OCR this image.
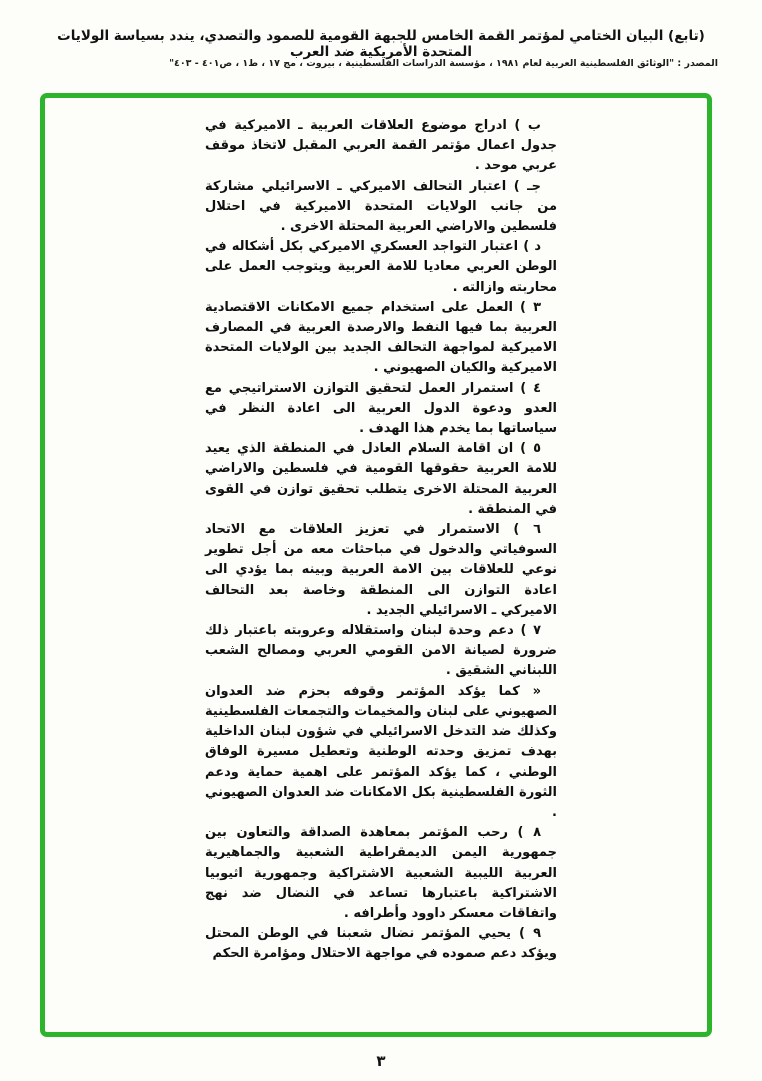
(تابع) البيان الختامي لمؤتمر القمة الخامس للجبهة القومية للصمود والتصدي، يندد بسياسة الولايات المتحدة الأمريكية ضد العرب
المصدر : "الوثائق الفلسطينية العربية لعام ١٩٨١ ، مؤسسة الدراسات الفلسطينية ، بيروت ، مج ١٧ ، ط١ ، ص٤٠١ - ٤٠٣"

ب ) ادراج موضوع العلاقات العربية ـ الاميركية في جدول اعمال مؤتمر القمة العربي المقبل لاتخاذ موقف عربي موحد .

جـ ) اعتبار التحالف الاميركي ـ الاسرائيلي مشاركة من جانب الولايات المتحدة الاميركية في احتلال فلسطين والاراضي العربية المحتلة الاخرى .

د ) اعتبار التواجد العسكري الاميركي بكل أشكاله في الوطن العربي معاديا للامة العربية ويتوجب العمل على محاربته وازالته .

٣ ) العمل على استخدام جميع الامكانات الاقتصادية العربية بما فيها النفط والارصدة العربية في المصارف الاميركية لمواجهة التحالف الجديد بين الولايات المتحدة الاميركية والكيان الصهيوني .

٤ ) استمرار العمل لتحقيق التوازن الاستراتيجي مع العدو ودعوة الدول العربية الى اعادة النظر في سياساتها بما يخدم هذا الهدف .

٥ ) ان اقامة السلام العادل في المنطقة الذي يعيد للامة العربية حقوقها القومية في فلسطين والاراضي العربية المحتلة الاخرى يتطلب تحقيق توازن في القوى في المنطقة .

٦ ) الاستمرار في تعزيز العلاقات مع الاتحاد السوفياتي والدخول في مباحثات معه من أجل تطوير نوعي للعلاقات بين الامة العربية وبينه بما يؤدي الى اعادة التوازن الى المنطقة وخاصة بعد التحالف الاميركي ـ الاسرائيلي الجديد .

٧ ) دعم وحدة لبنان واستقلاله وعروبته باعتبار ذلك ضرورة لصيانة الامن القومي العربي ومصالح الشعب اللبناني الشقيق .

« كما يؤكد المؤتمر وقوفه بحزم ضد العدوان الصهيوني على لبنان والمخيمات والتجمعات الفلسطينية وكذلك ضد التدخل الاسرائيلي في شؤون لبنان الداخلية بهدف تمزيق وحدته الوطنية وتعطيل مسيرة الوفاق الوطني ، كما يؤكد المؤتمر على اهمية حماية ودعم الثورة الفلسطينية بكل الامكانات ضد العدوان الصهيوني .

٨ ) رحب المؤتمر بمعاهدة الصداقة والتعاون بين جمهورية اليمن الديمقراطية الشعبية والجماهيرية العربية الليبية الشعبية الاشتراكية وجمهورية اثيوبيا الاشتراكية باعتبارها تساعد في النضال ضد نهج واتفاقات معسكر داوود وأطرافه .

٩ ) يحيي المؤتمر نضال شعبنا في الوطن المحتل ويؤكد دعم صموده في مواجهة الاحتلال ومؤامرة الحكم

٣
